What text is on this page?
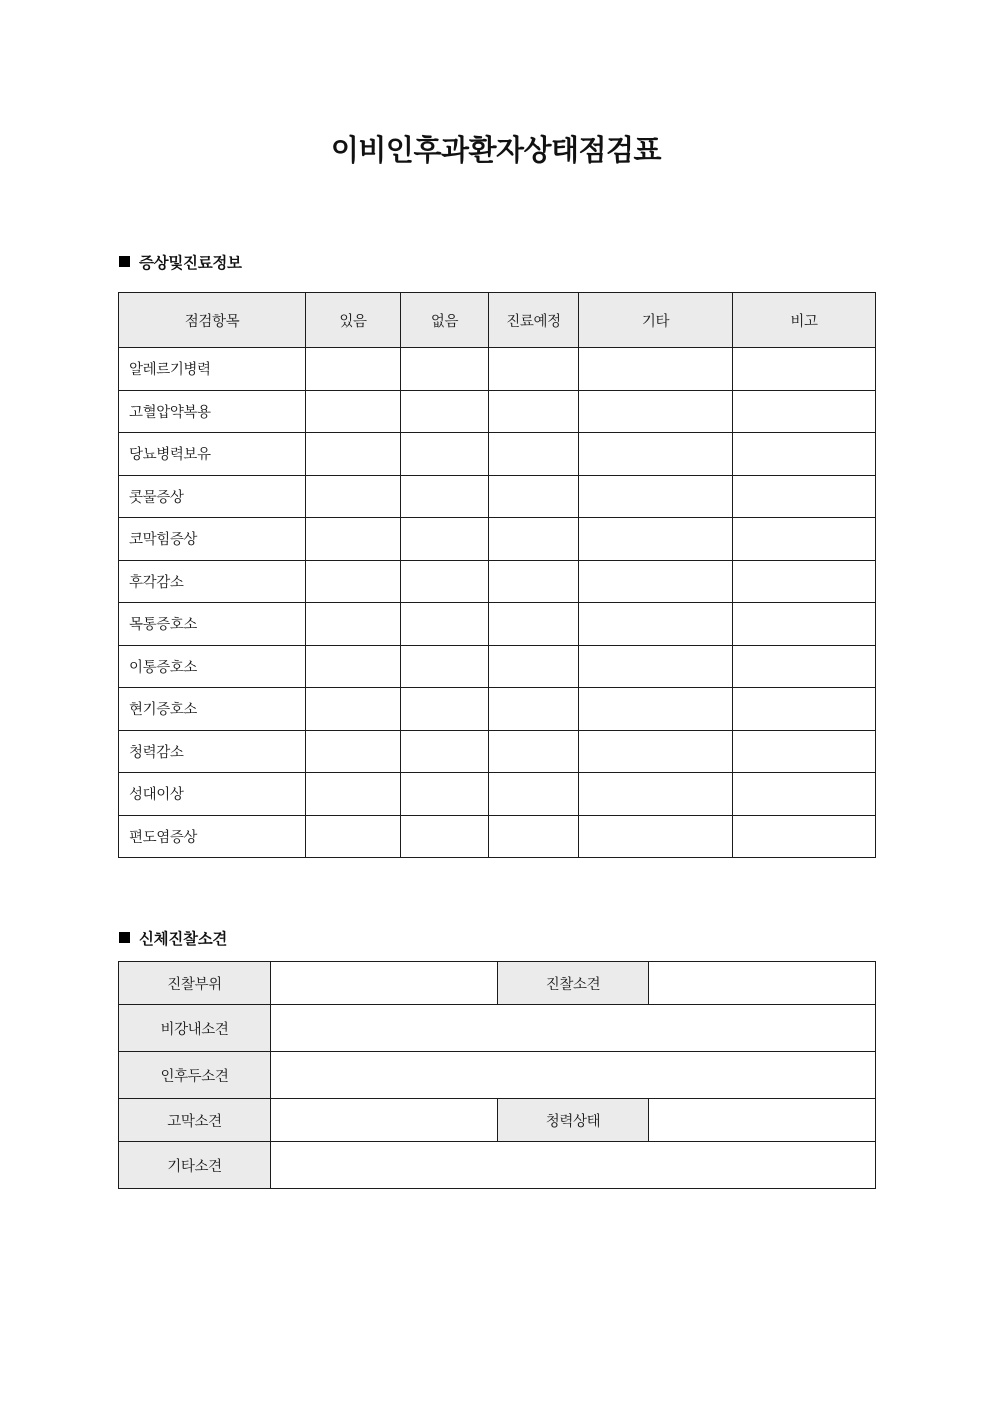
이비인후과환자상태점검표
증상및진료정보
점검항목	있음	없음	진료예정	기타	비고
알레르기병력					
고혈압약복용					
당뇨병력보유					
콧물증상					
코막힘증상					
후각감소					
목통증호소					
이통증호소					
현기증호소					
청력감소					
성대이상					
편도염증상					
신체진찰소견
진찰부위		진찰소견	
비강내소견			
인후두소견			
고막소견		청력상태	
기타소견			
